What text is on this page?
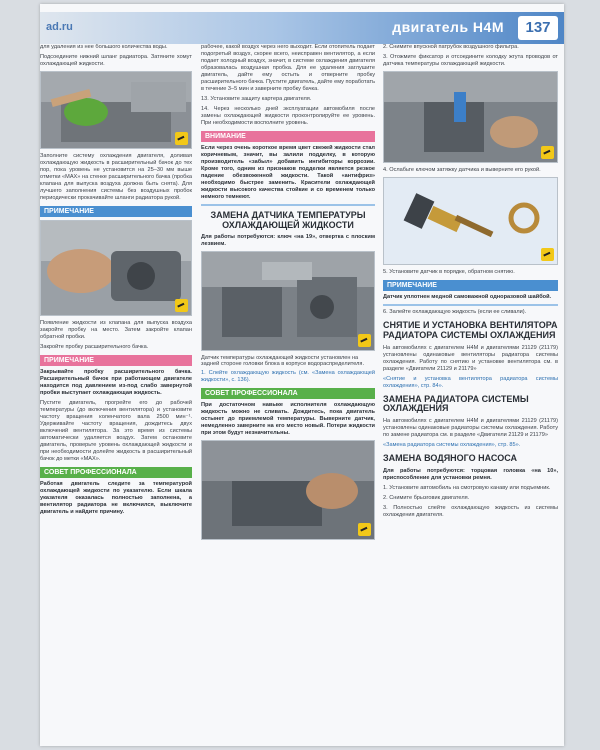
ad.ru	двигатель H4M	137
для удаления из нее большого количества воды.
Подсоедините нижний шланг радиатора. Затяните хомут охлаждающей жидкости.
Заполните систему охлаждения двигателя, доливая охлаждающую жидкость в расширительный бачок до тех пор, пока уровень не установится на 25–30 мм выше отметки «MAX» на стенке расширительного бачка (пробка клапана для выпуска воздуха должна быть снята). Для лучшего заполнения системы без воздушных пробок периодически прокачивайте шланги радиатора рукой.
ПРИМЕЧАНИЕ
Появление жидкости из клапана для выпуска воздуха закройте пробку на место. Затем закройте клапан обратной пробки.
Закройте пробку расширительного бачка.
ПРИМЕЧАНИЕ
Закрывайте пробку расширительного бачка. Расширительный бачок при работающем двигателе находится под давлением из-под слабо завернутой пробки выступает охлаждающая жидкость.
Пустите двигатель, прогрейте его до рабочей температуры (до включения вентилятора) и установите частоту вращения коленчатого вала 2500 мин⁻¹. Удерживайте частоту вращения, дождитесь двух включений вентилятора. За это время из системы автоматически удаляется воздух. Затем остановите двигатель, проверьте уровень охлаждающей жидкости и при необходимости долейте жидкость в расширительный бачок до метки «MAX».
СОВЕТ ПРОФЕССИОНАЛА
Работая двигатель следите за температурой охлаждающей жидкости по указателю. Если шкала указателя оказалась полностью заполнена, а вентилятор радиатора не включился, выключите двигатель и найдите причину.
рабочее, какой воздух через него выходит. Если отопитель подает подогретый воздух, скорее всего, неисправен вентилятор, а если подает холодный воздух, значит, в системе охлаждения двигателя образовалась воздушная пробка. Для ее удаления заглушите двигатель, дайте ему остыть и отверните пробку расширительного бачка. Пустите двигатель, дайте ему поработать в течение 3–5 мин и заверните пробку бачка.
13. Установите защиту картера двигателя.
14. Через несколько дней эксплуатации автомобиля после замены охлаждающей жидкости проконтролируйте ее уровень. При необходимости восполните уровень.
ВНИМАНИЕ
Если через очень короткое время цвет свежей жидкости стал коричневым, значит, вы залили подделку, в которую производитель «забыл» добавить ингибиторы коррозии. Кроме того, одним из признаков подделки является резкое падение обезвоженной жидкости. Такой «антифриз» необходимо быстрее заменить. Красители охлаждающей жидкости высокого качества стойкие и со временем только немного темнеют.
ЗАМЕНА ДАТЧИКА ТЕМПЕРАТУРЫ ОХЛАЖДАЮЩЕЙ ЖИДКОСТИ
Для работы потребуются: ключ «на 19», отвертка с плоским лезвием.
Датчик температуры охлаждающей жидкости установлен на задней стороне головки блока в корпусе водораспределителя.
1. Слейте охлаждающую жидкость (см. «Замена охлаждающей жидкости», с. 136).
СОВЕТ ПРОФЕССИОНАЛА
При достаточном навыке исполнителя охлаждающую жидкость можно не сливать. Дождитесь, пока двигатель остынет до приемлемой температуры. Выверните датчик, немедленно заверните на его место новый. Потери жидкости при этом будут незначительны.
2. Снимите впускной патрубок воздушного фильтра.
3. Отожмите фиксатор и отсоедините колодку жгута проводов от датчика температуры охлаждающей жидкости.
4. Ослабьте ключом затяжку датчика и выверните его рукой.
5. Установите датчик в порядке, обратном снятию.
ПРИМЕЧАНИЕ
Датчик уплотнен медной самоважной одноразовой шайбой.
6. Залейте охлаждающую жидкость (если ее сливали).
СНЯТИЕ И УСТАНОВКА ВЕНТИЛЯТОРА РАДИАТОРА СИСТЕМЫ ОХЛАЖДЕНИЯ
На автомобилях с двигателем H4M и двигателями 21129 (21179) установлены одинаковые вентиляторы радиатора системы охлаждения. Работу по снятию и установке вентилятора см. в разделе «Двигатели 21129 и 21179»
«Снятие и установка вентилятора радиатора системы охлаждения», стр. 84».
ЗАМЕНА РАДИАТОРА СИСТЕМЫ ОХЛАЖДЕНИЯ
На автомобилях с двигателем H4M и двигателями 21129 (21179) установлены одинаковые радиаторы системы охлаждения. Работу по замене радиатора см. в разделе «Двигатели 21129 и 21179»
«Замена радиатора системы охлаждения», стр. 85».
ЗАМЕНА ВОДЯНОГО НАСОСА
Для работы потребуются: торцовая головка «на 10», приспособление для установки ремня.
1. Установите автомобиль на смотровую канаву или подъемник.
2. Снимите брызговик двигателя.
3. Полностью слейте охлаждающую жидкость из системы охлаждения двигателя.
